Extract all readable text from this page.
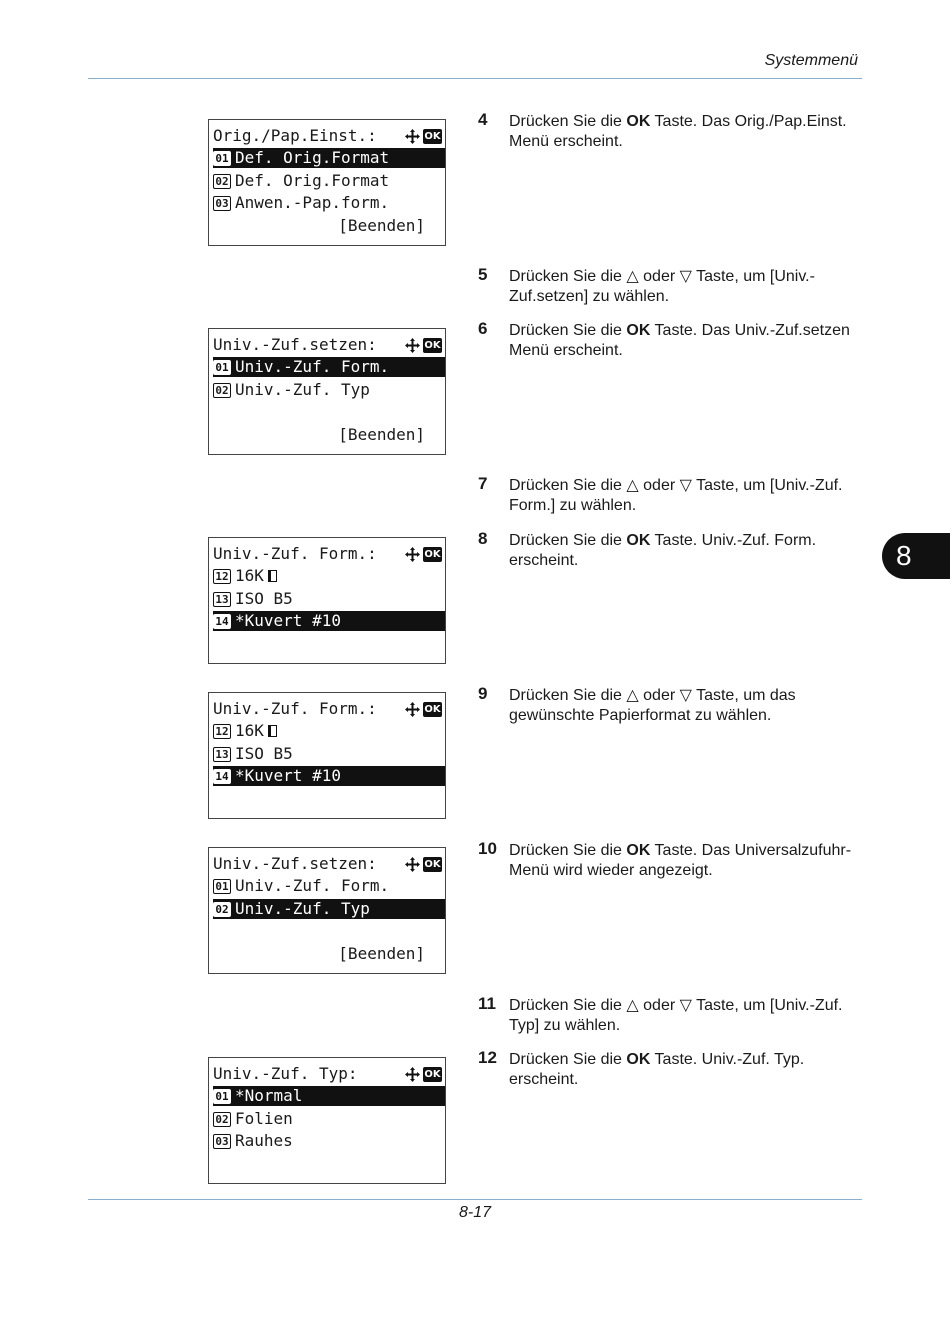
Systemmenü
8
Orig./Pap.Einst.:	OK
01 Def. Orig.Format
02 Def. Orig.Format
03 Anwen.-Pap.form.
[Beenden]
Univ.-Zuf.setzen:	OK
01 Univ.-Zuf. Form.
02 Univ.-Zuf. Typ
[Beenden]
Univ.-Zuf. Form.:	OK
12 16K
13 ISO B5
14 *Kuvert #10
Univ.-Zuf. Form.:	OK
12 16K
13 ISO B5
14 *Kuvert #10
Univ.-Zuf.setzen:	OK
01 Univ.-Zuf. Form.
02 Univ.-Zuf. Typ
[Beenden]
Univ.-Zuf. Typ:	OK
01 *Normal
02 Folien
03 Rauhes
4	Drücken Sie die OK Taste. Das Orig./Pap.Einst. Menü erscheint.
5	Drücken Sie die △ oder ▽ Taste, um [Univ.-Zuf.setzen] zu wählen.
6	Drücken Sie die OK Taste. Das Univ.-Zuf.setzen Menü erscheint.
7	Drücken Sie die △ oder ▽ Taste, um [Univ.-Zuf. Form.] zu wählen.
8	Drücken Sie die OK Taste. Univ.-Zuf. Form. erscheint.
9	Drücken Sie die △ oder ▽ Taste, um das gewünschte Papierformat zu wählen.
10 Drücken Sie die OK Taste. Das Universalzufuhr-Menü wird wieder angezeigt.
11 Drücken Sie die △ oder ▽ Taste, um [Univ.-Zuf. Typ] zu wählen.
12 Drücken Sie die OK Taste. Univ.-Zuf. Typ. erscheint.
8-17
